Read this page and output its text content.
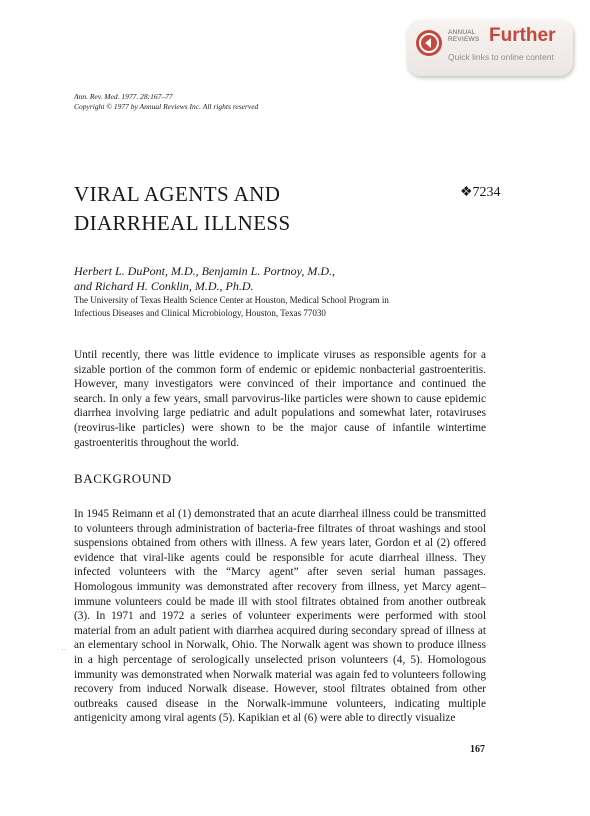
ANNUAL
REVIEWS Further
Quick links to online content
Ann. Rev. Med. 1977. 28:167–77
Copyright © 1977 by Annual Reviews Inc. All rights reserved
VIRAL AGENTS AND
DIARRHEAL ILLNESS
❖7234
Herbert L. DuPont, M.D., Benjamin L. Portnoy, M.D.,
and Richard H. Conklin, M.D., Ph.D.
The University of Texas Health Science Center at Houston, Medical School Program in
Infectious Diseases and Clinical Microbiology, Houston, Texas 77030

Until recently, there was little evidence to implicate viruses as responsible agents for a sizable portion of the common form of endemic or epidemic nonbacterial gastroenteritis. However, many investigators were convinced of their importance and continued the search. In only a few years, small parvovirus-like particles were shown to cause epidemic diarrhea involving large pediatric and adult populations and somewhat later, rotaviruses (reovirus-like particles) were shown to be the major cause of infantile wintertime gastroenteritis throughout the world.

BACKGROUND

In 1945 Reimann et al (1) demonstrated that an acute diarrheal illness could be transmitted to volunteers through administration of bacteria-free filtrates of throat washings and stool suspensions obtained from others with illness. A few years later, Gordon et al (2) offered evidence that viral-like agents could be responsible for acute diarrheal illness. They infected volunteers with the “Marcy agent” after seven serial human passages. Homologous immunity was demonstrated after recovery from illness, yet Marcy agent–immune volunteers could be made ill with stool filtrates obtained from another outbreak (3). In 1971 and 1972 a series of volunteer experiments were performed with stool material from an adult patient with diarrhea acquired during secondary spread of illness at an elementary school in Norwalk, Ohio. The Norwalk agent was shown to produce illness in a high percentage of serologically unselected prison volunteers (4, 5). Homologous immunity was demonstrated when Norwalk material was again fed to volunteers following recovery from induced Norwalk disease. However, stool filtrates obtained from other outbreaks caused disease in the Norwalk-immune volunteers, indicating multiple antigenicity among viral agents (5). Kapikian et al (6) were able to directly visualize

' '
167
